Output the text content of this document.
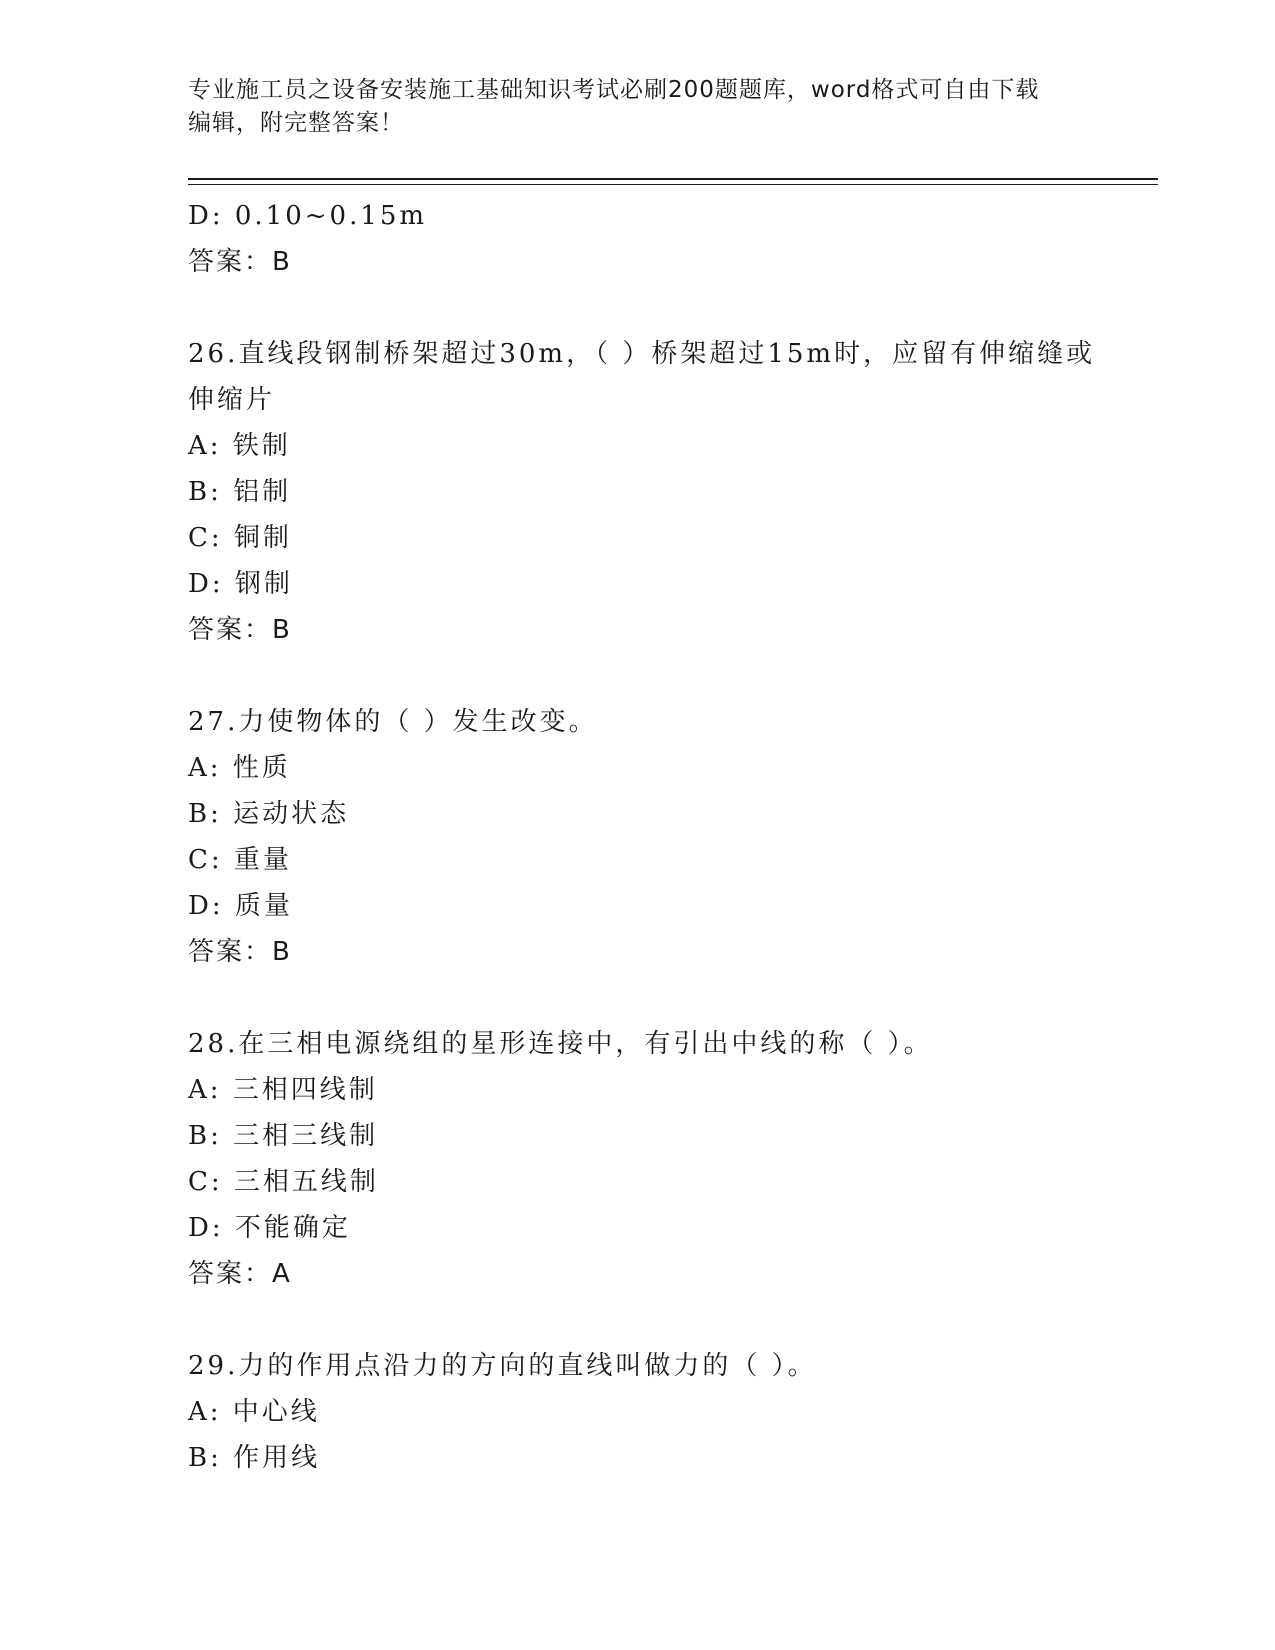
专业施工员之设备安装施工基础知识考试必刷200题题库，word格式可自由下载
编辑，附完整答案！
D: 0.10~0.15m
答案：B
26.直线段钢制桥架超过30m，（ ）桥架超过15m时，应留有伸缩缝或
伸缩片
A: 铁制
B: 铝制
C: 铜制
D: 钢制
答案：B
27.力使物体的（ ）发生改变。
A: 性质
B: 运动状态
C: 重量
D: 质量
答案：B
28.在三相电源绕组的星形连接中，有引出中线的称（ ）。
A: 三相四线制
B: 三相三线制
C: 三相五线制
D: 不能确定
答案：A
29.力的作用点沿力的方向的直线叫做力的（ ）。
A: 中心线
B: 作用线
